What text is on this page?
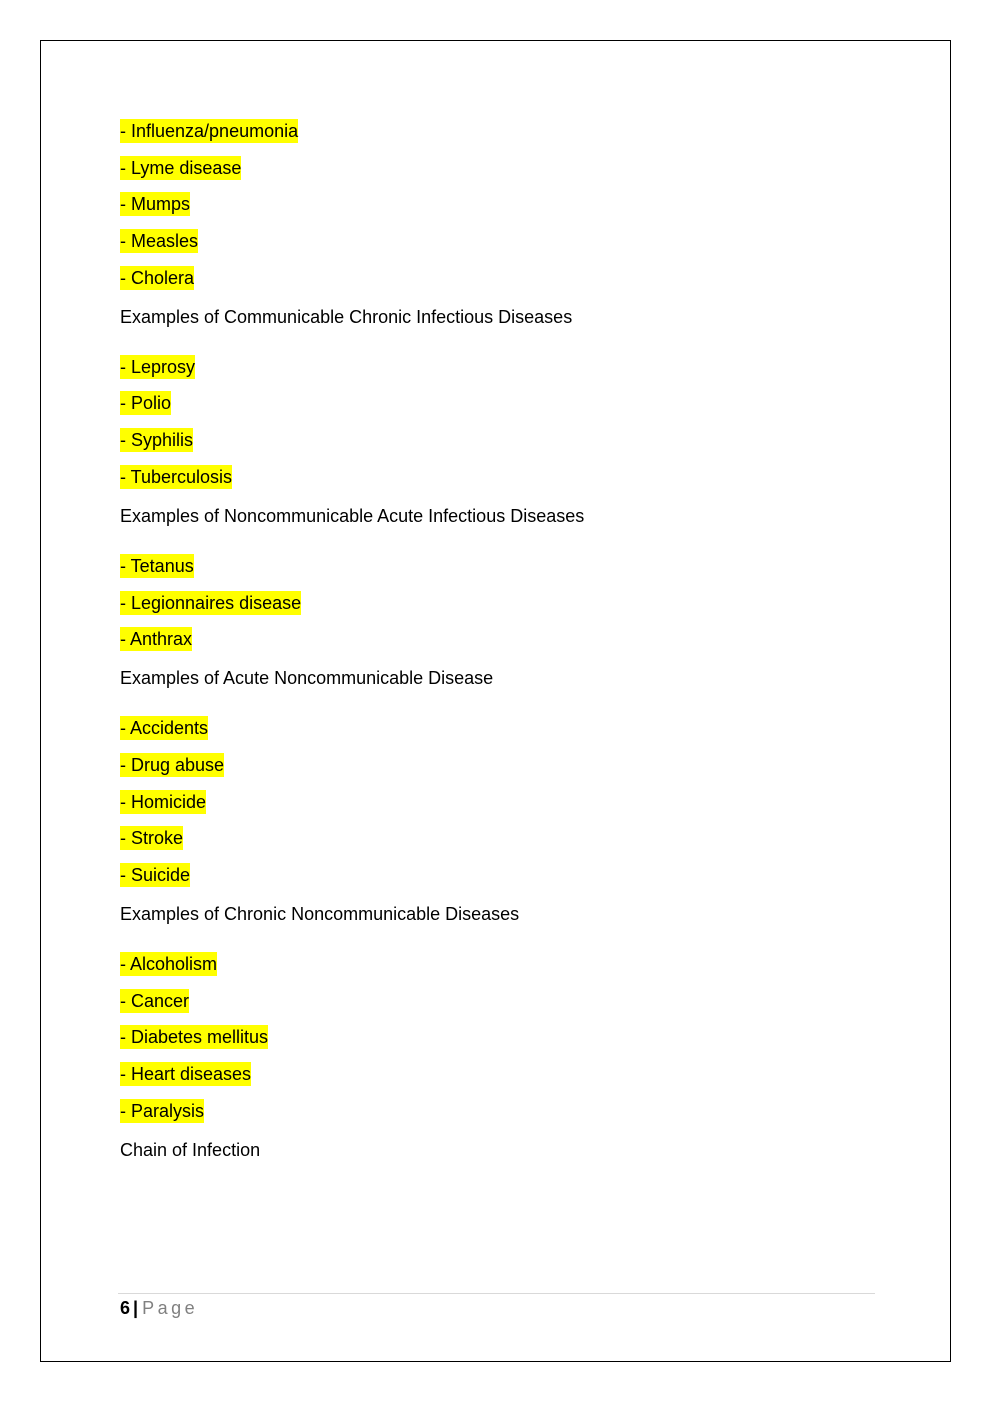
- Influenza/pneumonia
- Lyme disease
- Mumps
- Measles
- Cholera
Examples of Communicable Chronic Infectious Diseases
- Leprosy
- Polio
- Syphilis
- Tuberculosis
Examples of Noncommunicable Acute Infectious Diseases
- Tetanus
- Legionnaires disease
- Anthrax
Examples of Acute Noncommunicable Disease
- Accidents
- Drug abuse
- Homicide
- Stroke
- Suicide
Examples of Chronic Noncommunicable Diseases
- Alcoholism
- Cancer
- Diabetes mellitus
- Heart diseases
- Paralysis
Chain of Infection
6 | Page
